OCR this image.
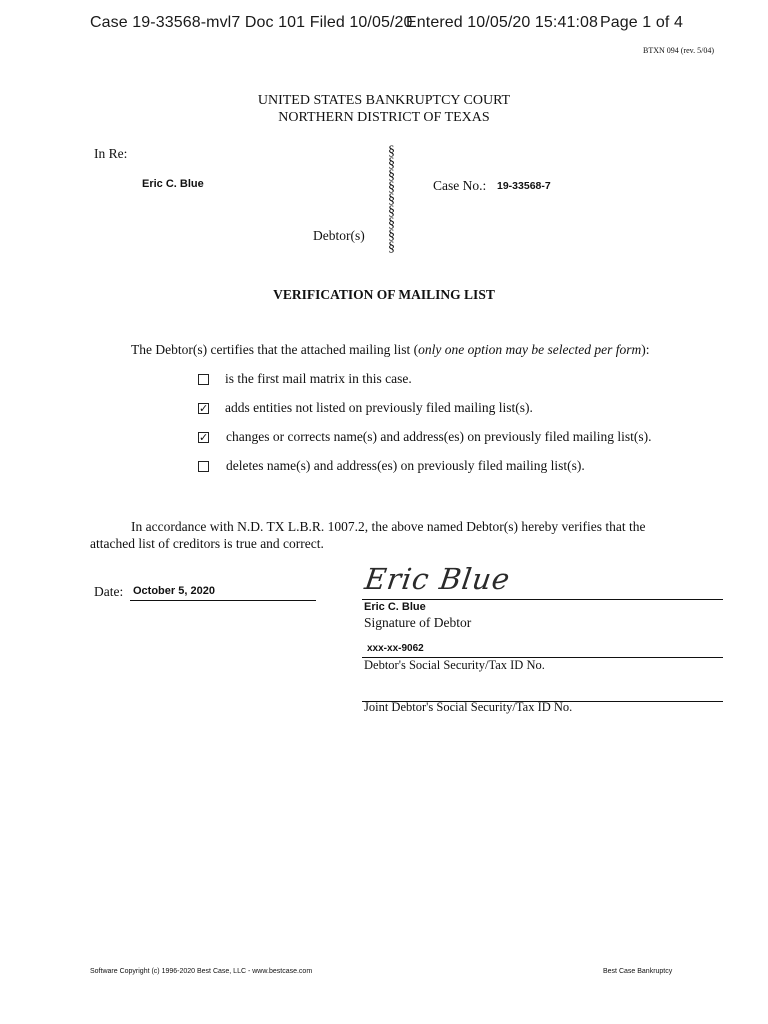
Case 19-33568-mvl7 Doc 101 Filed 10/05/20
Entered 10/05/20 15:41:08 Page 1 of 4
BTXN 094 (rev. 5/04)
UNITED STATES BANKRUPTCY COURT
NORTHERN DISTRICT OF TEXAS
In Re:
Eric C. Blue
Debtor(s)
§
§
§
§
§
§
§
§
§
Case No.: 19-33568-7
VERIFICATION OF MAILING LIST
The Debtor(s) certifies that the attached mailing list (only one option may be selected per form):
is the first mail matrix in this case.
✓ adds entities not listed on previously filed mailing list(s).
✓ changes or corrects name(s) and address(es) on previously filed mailing list(s).
deletes name(s) and address(es) on previously filed mailing list(s).
In accordance with N.D. TX L.B.R. 1007.2, the above named Debtor(s) hereby verifies that the
attached list of creditors is true and correct.
Date: October 5, 2020	Eric Blue
Eric C. Blue
Signature of Debtor
xxx-xx-9062
Debtor's Social Security/Tax ID No.
Joint Debtor's Social Security/Tax ID No.
Software Copyright (c) 1996-2020 Best Case, LLC - www.bestcase.com	Best Case Bankruptcy
